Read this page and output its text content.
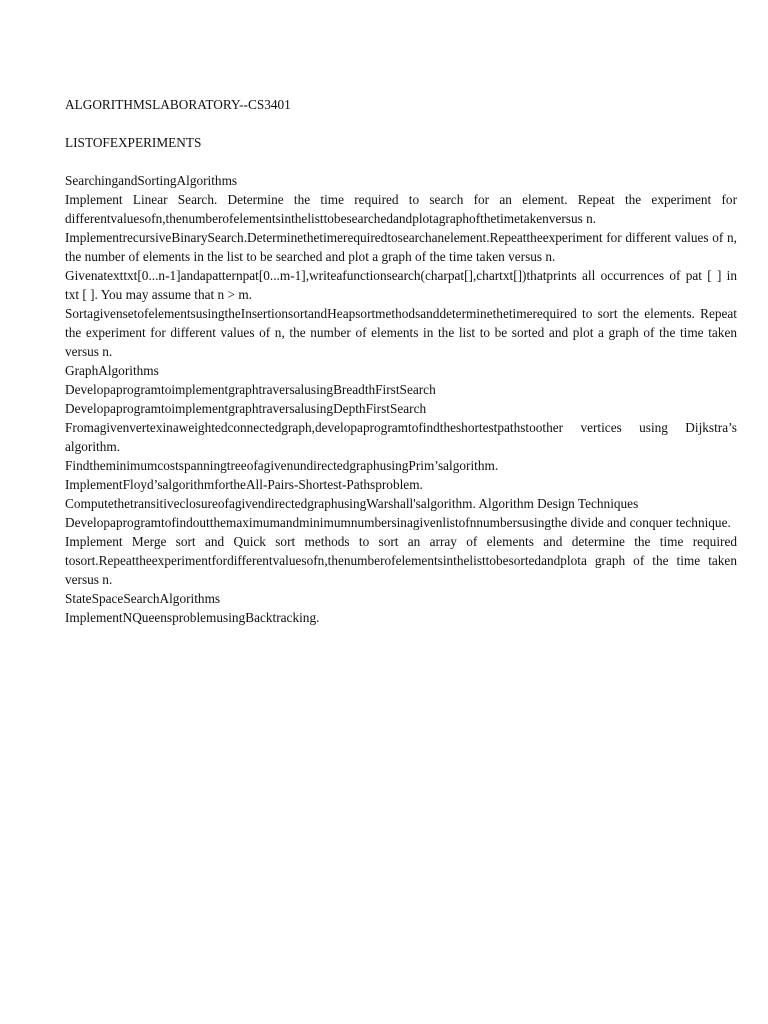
ALGORITHMSLABORATORY--CS3401

LISTOFEXPERIMENTS

SearchingandSortingAlgorithms

Implement Linear Search. Determine the time required to search for an element. Repeat the experiment for differentvaluesofn,thenumberofelementsinthelisttobesearchedandplotagraphofthetimetakenversus n.

ImplementrecursiveBinarySearch.Determinethetimerequiredtosearchanelement.Repeattheexperiment for different values of n, the number of elements in the list to be searched and plot a graph of the time taken versus n.

Givenatexttxt[0...n-1]andapatternpat[0...m-1],writeafunctionsearch(charpat[],chartxt[])thatprints all occurrences of pat [ ] in txt [ ]. You may assume that n > m.

SortagivensetofelementsusingtheInsertionsortandHeapsortmethodsanddeterminethetimerequired to sort the elements. Repeat the experiment for different values of n, the number of elements in the list to be sorted and plot a graph of the time taken versus n.

GraphAlgorithms

DevelopaprogramtoimplementgraphtraversalusingBreadthFirstSearch

DevelopaprogramtoimplementgraphtraversalusingDepthFirstSearch

Fromagivenvertexinaweightedconnectedgraph,developaprogramtofindtheshortestpathstoother vertices using Dijkstra’s algorithm.

FindtheminimumcostspanningtreeofagivenundirectedgraphusingPrim’salgorithm.

ImplementFloyd’salgorithmfortheAll-Pairs-Shortest-Pathsproblem.

ComputethetransitiveclosureofagivendirectedgraphusingWarshall'salgorithm. Algorithm Design Techniques

Developaprogramtofindoutthemaximumandminimumnumbersinagivenlistofnnumbersusingthe divide and conquer technique.

Implement Merge sort and Quick sort methods to sort an array of elements and determine the time required tosort.Repeattheexperimentfordifferentvaluesofn,thenumberofelementsinthelisttobesortedandplota graph of the time taken versus n.

StateSpaceSearchAlgorithms

ImplementNQueensproblemusingBacktracking.
